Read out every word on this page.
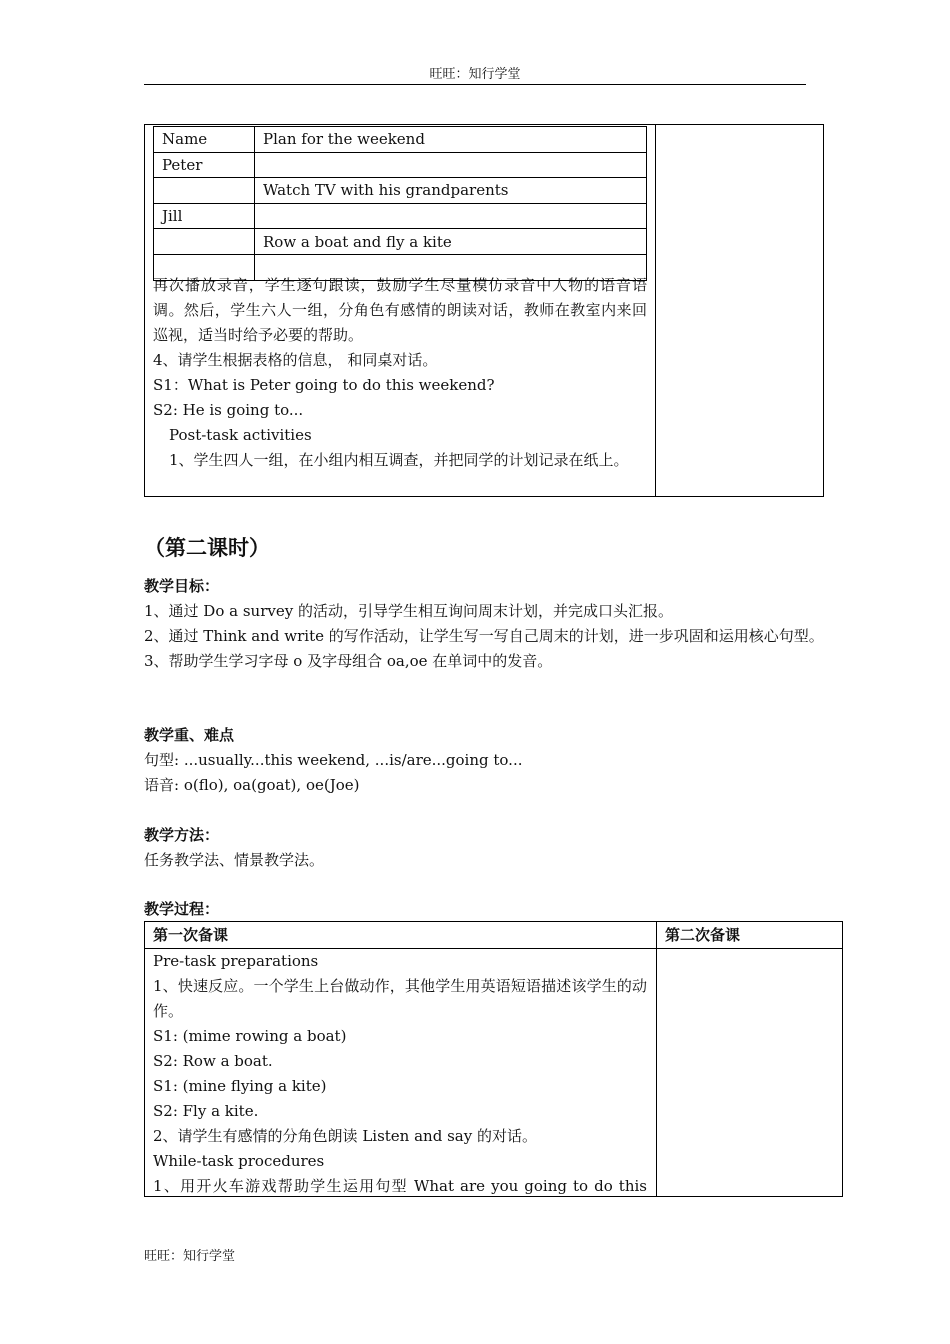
旺旺：知行学堂
Name	Plan for the weekend
Peter	
	Watch TV with his grandparents
Jill	
	Row a boat and fly a kite

再次播放录音，学生逐句跟读，鼓励学生尽量模仿录音中人物的语音语调。然后，学生六人一组，分角色有感情的朗读对话，教师在教室内来回巡视，适当时给予必要的帮助。

4、请学生根据表格的信息， 和同桌对话。

S1：What is Peter going to do this weekend?

S2: He is going to...

Post-task activities

1、学生四人一组，在小组内相互调查，并把同学的计划记录在纸上。

（第二课时）

教学目标：

1、通过 Do a survey 的活动，引导学生相互询问周末计划，并完成口头汇报。

2、通过 Think and write 的写作活动，让学生写一写自己周末的计划，进一步巩固和运用核心句型。

3、帮助学生学习字母 o 及字母组合 oa,oe 在单词中的发音。

教学重、难点

句型: ...usually...this weekend, ...is/are...going to...

语音: o(flo), oa(goat), oe(Joe)

教学方法：

任务教学法、情景教学法。

教学过程：

第一次备课	第二次备课

Pre-task preparations

1、快速反应。一个学生上台做动作，其他学生用英语短语描述该学生的动作。

S1: (mime rowing a boat)

S2: Row a boat.

S1: (mine flying a kite)

S2: Fly a kite.

2、请学生有感情的分角色朗读 Listen and say 的对话。

While-task procedures

1、用开火车游戏帮助学生运用句型 What are you going to do this

旺旺：知行学堂
